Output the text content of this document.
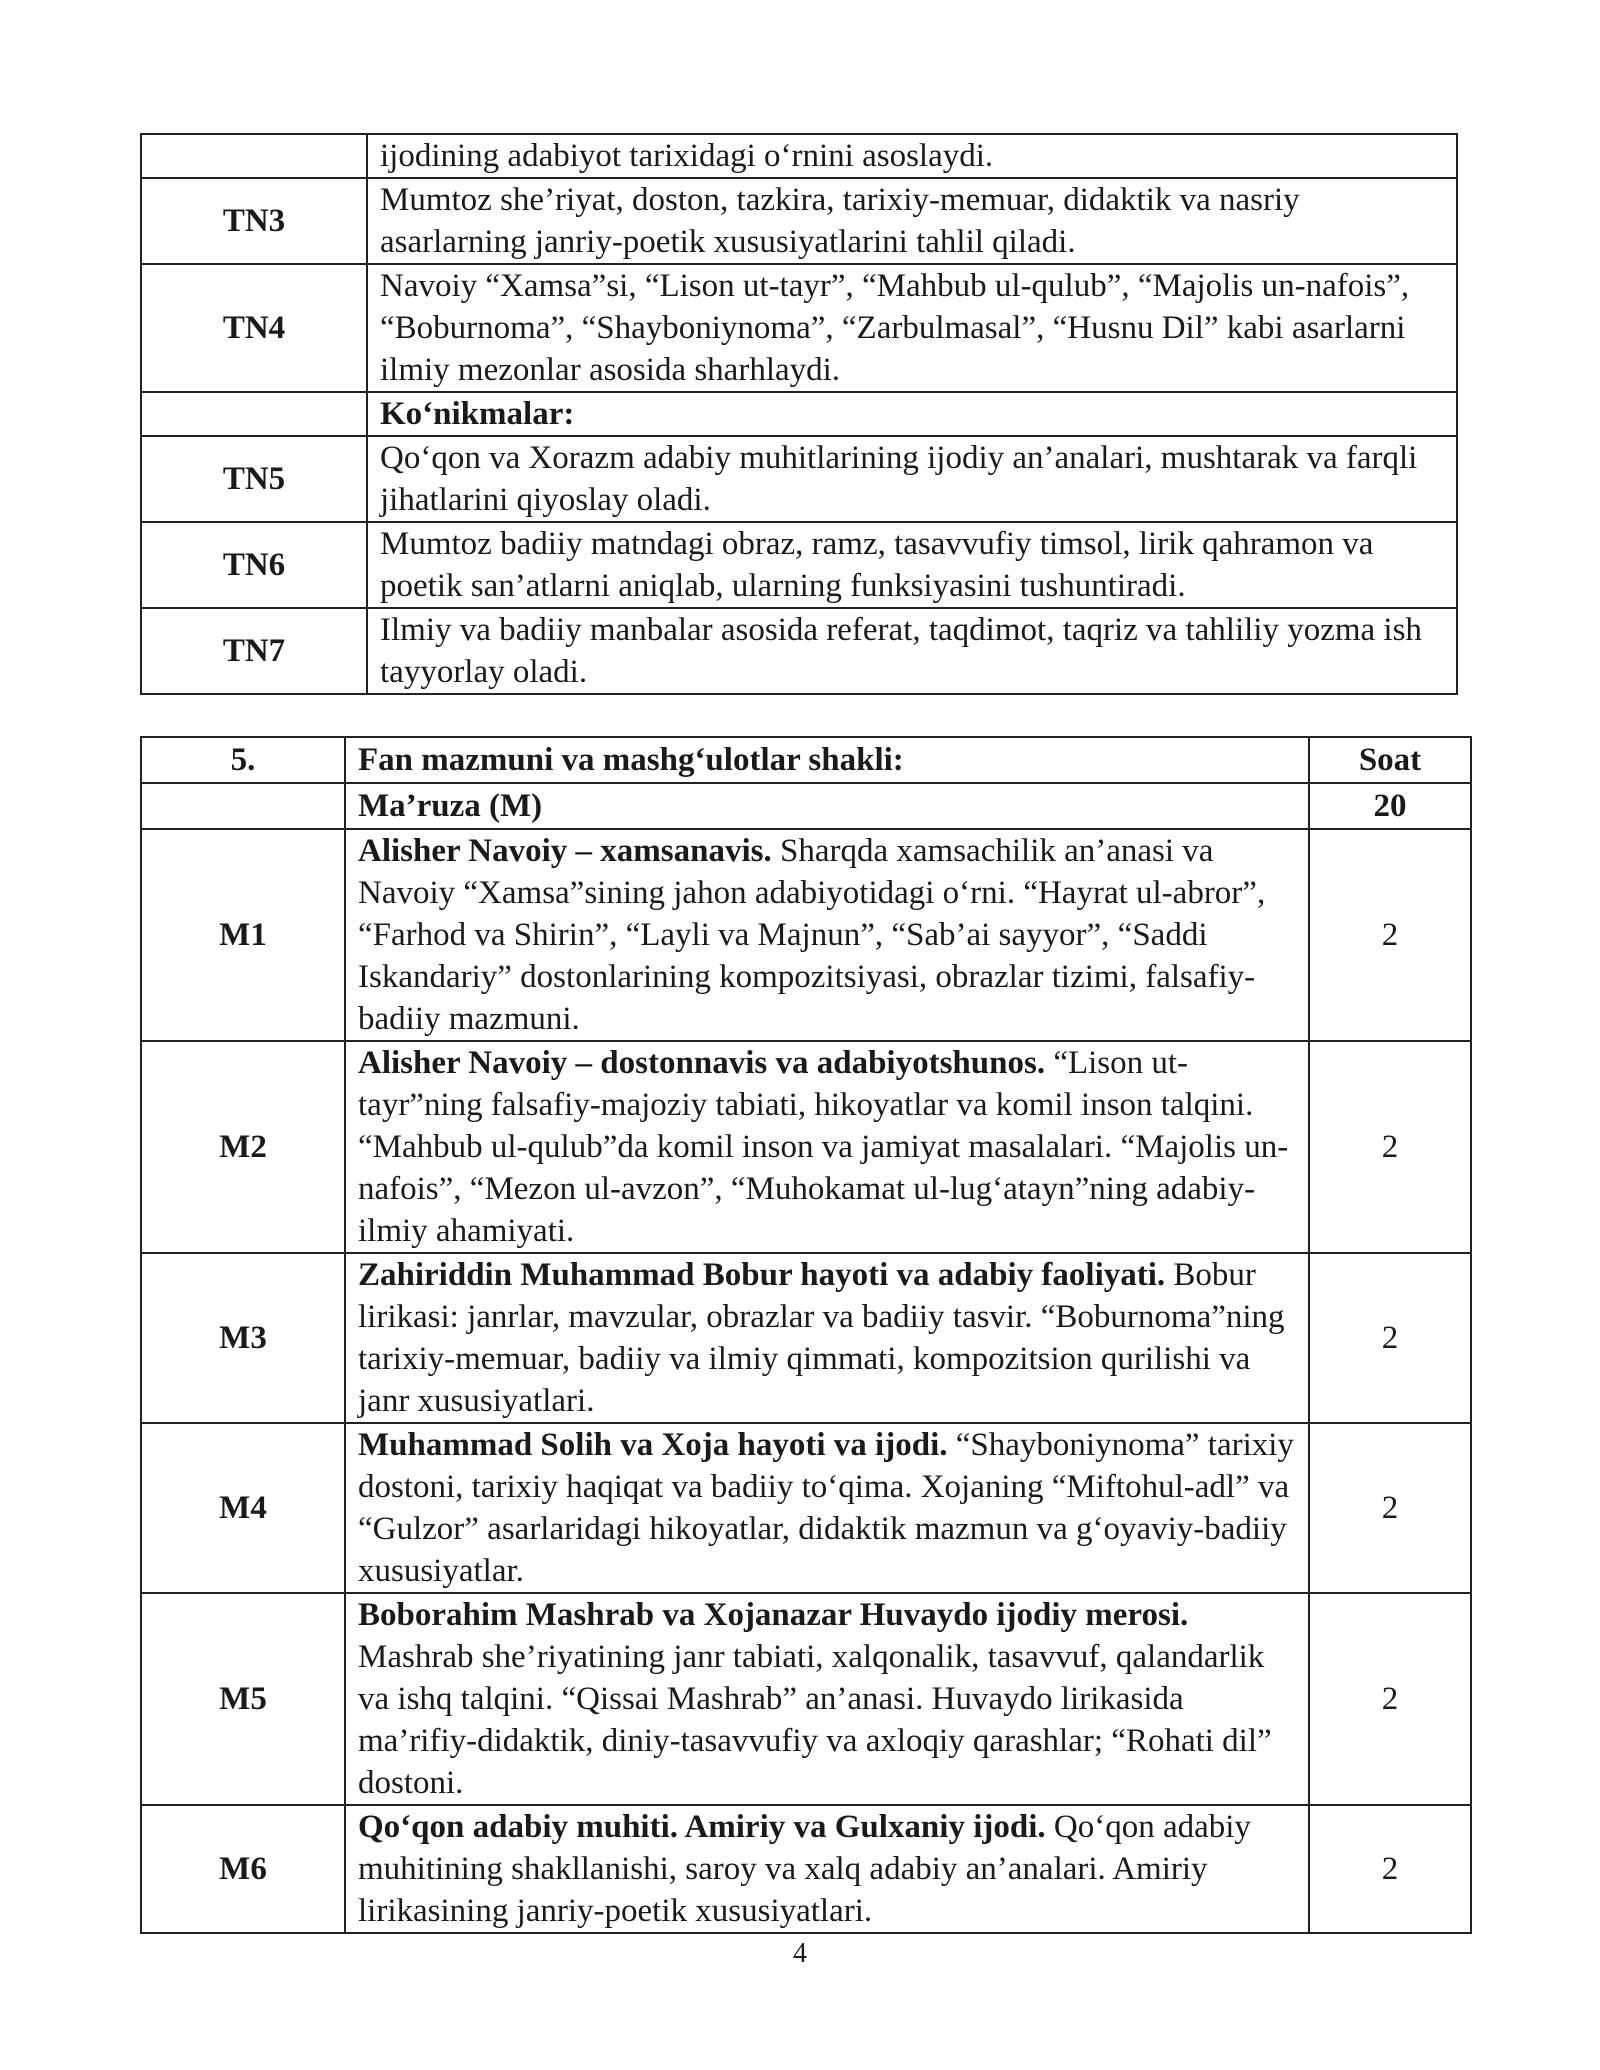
	ijodining adabiyot tarixidagi o‘rnini asoslaydi.
TN3	Mumtoz she’riyat, doston, tazkira, tarixiy-memuar, didaktik va nasriy asarlarning janriy-poetik xususiyatlarini tahlil qiladi.
TN4	Navoiy “Xamsa”si, “Lison ut-tayr”, “Mahbub ul-qulub”, “Majolis un-nafois”, “Boburnoma”, “Shayboniynoma”, “Zarbulmasal”, “Husnu Dil” kabi asarlarni ilmiy mezonlar asosida sharhlaydi.
	Ko‘nikmalar:
TN5	Qo‘qon va Xorazm adabiy muhitlarining ijodiy an’analari, mushtarak va farqli jihatlarini qiyoslay oladi.
TN6	Mumtoz badiiy matndagi obraz, ramz, tasavvufiy timsol, lirik qahramon va poetik san’atlarni aniqlab, ularning funksiyasini tushuntiradi.
TN7	Ilmiy va badiiy manbalar asosida referat, taqdimot, taqriz va tahliliy yozma ish tayyorlay oladi.
5.	Fan mazmuni va mashg‘ulotlar shakli:	Soat
	Ma’ruza (M)	20
M1	Alisher Navoiy – xamsanavis. Sharqda xamsachilik an’anasi va Navoiy “Xamsa”sining jahon adabiyotidagi o‘rni. “Hayrat ul-abror”, “Farhod va Shirin”, “Layli va Majnun”, “Sab’ai sayyor”, “Saddi Iskandariy” dostonlarining kompozitsiyasi, obrazlar tizimi, falsafiy-badiiy mazmuni.	2
M2	Alisher Navoiy – dostonnavis va adabiyotshunos. “Lison ut-tayr”ning falsafiy-majoziy tabiati, hikoyatlar va komil inson talqini. “Mahbub ul-qulub”da komil inson va jamiyat masalalari. “Majolis un-nafois”, “Mezon ul-avzon”, “Muhokamat ul-lug‘atayn”ning adabiy-ilmiy ahamiyati.	2
M3	Zahiriddin Muhammad Bobur hayoti va adabiy faoliyati. Bobur lirikasi: janrlar, mavzular, obrazlar va badiiy tasvir. “Boburnoma”ning tarixiy-memuar, badiiy va ilmiy qimmati, kompozitsion qurilishi va janr xususiyatlari.	2
M4	Muhammad Solih va Xoja hayoti va ijodi. “Shayboniynoma” tarixiy dostoni, tarixiy haqiqat va badiiy to‘qima. Xojaning “Miftohul-adl” va “Gulzor” asarlaridagi hikoyatlar, didaktik mazmun va g‘oyaviy-badiiy xususiyatlar.	2
M5	Boborahim Mashrab va Xojanazar Huvaydo ijodiy merosi. Mashrab she’riyatining janr tabiati, xalqonalik, tasavvuf, qalandarlik va ishq talqini. “Qissai Mashrab” an’anasi. Huvaydo lirikasida ma’rifiy-didaktik, diniy-tasavvufiy va axloqiy qarashlar; “Rohati dil” dostoni.	2
M6	Qo‘qon adabiy muhiti. Amiriy va Gulxaniy ijodi. Qo‘qon adabiy muhitining shakllanishi, saroy va xalq adabiy an’analari. Amiriy lirikasining janriy-poetik xususiyatlari.	2
4
